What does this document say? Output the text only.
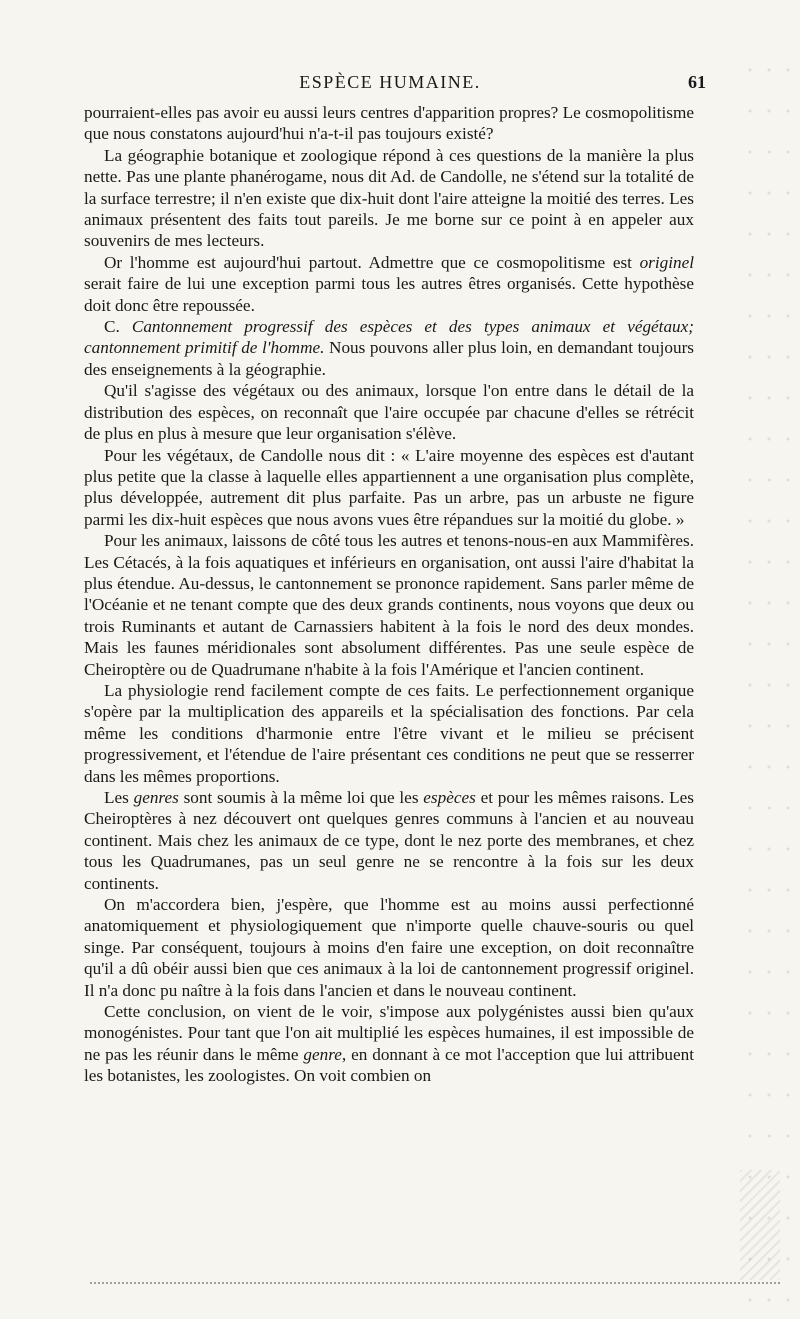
ESPÈCE HUMAINE.	61

pourraient-elles pas avoir eu aussi leurs centres d'apparition propres? Le cosmopolitisme que nous constatons aujourd'hui n'a-t-il pas toujours existé?

La géographie botanique et zoologique répond à ces questions de la manière la plus nette. Pas une plante phanérogame, nous dit Ad. de Candolle, ne s'étend sur la totalité de la surface terrestre; il n'en existe que dix-huit dont l'aire atteigne la moitié des terres. Les animaux présentent des faits tout pareils. Je me borne sur ce point à en appeler aux souvenirs de mes lecteurs.

Or l'homme est aujourd'hui partout. Admettre que ce cosmopolitisme est originel serait faire de lui une exception parmi tous les autres êtres organisés. Cette hypothèse doit donc être repoussée.

C. Cantonnement progressif des espèces et des types animaux et végétaux; cantonnement primitif de l'homme. Nous pouvons aller plus loin, en demandant toujours des enseignements à la géographie.

Qu'il s'agisse des végétaux ou des animaux, lorsque l'on entre dans le détail de la distribution des espèces, on reconnaît que l'aire occupée par chacune d'elles se rétrécit de plus en plus à mesure que leur organisation s'élève.

Pour les végétaux, de Candolle nous dit : « L'aire moyenne des espèces est d'autant plus petite que la classe à laquelle elles appartiennent a une organisation plus complète, plus développée, autrement dit plus parfaite. Pas un arbre, pas un arbuste ne figure parmi les dix-huit espèces que nous avons vues être répandues sur la moitié du globe. »

Pour les animaux, laissons de côté tous les autres et tenons-nous-en aux Mammifères. Les Cétacés, à la fois aquatiques et inférieurs en organisation, ont aussi l'aire d'habitat la plus étendue. Au-dessus, le cantonnement se prononce rapidement. Sans parler même de l'Océanie et ne tenant compte que des deux grands continents, nous voyons que deux ou trois Ruminants et autant de Carnassiers habitent à la fois le nord des deux mondes. Mais les faunes méridionales sont absolument différentes. Pas une seule espèce de Cheiroptère ou de Quadrumane n'habite à la fois l'Amérique et l'ancien continent.

La physiologie rend facilement compte de ces faits. Le perfectionnement organique s'opère par la multiplication des appareils et la spécialisation des fonctions. Par cela même les conditions d'harmonie entre l'être vivant et le milieu se précisent progressivement, et l'étendue de l'aire présentant ces conditions ne peut que se resserrer dans les mêmes proportions.

Les genres sont soumis à la même loi que les espèces et pour les mêmes raisons. Les Cheiroptères à nez découvert ont quelques genres communs à l'ancien et au nouveau continent. Mais chez les animaux de ce type, dont le nez porte des membranes, et chez tous les Quadrumanes, pas un seul genre ne se rencontre à la fois sur les deux continents.

On m'accordera bien, j'espère, que l'homme est au moins aussi perfectionné anatomiquement et physiologiquement que n'importe quelle chauve-souris ou quel singe. Par conséquent, toujours à moins d'en faire une exception, on doit reconnaître qu'il a dû obéir aussi bien que ces animaux à la loi de cantonnement progressif originel. Il n'a donc pu naître à la fois dans l'ancien et dans le nouveau continent.

Cette conclusion, on vient de le voir, s'impose aux polygénistes aussi bien qu'aux monogénistes. Pour tant que l'on ait multiplié les espèces humaines, il est impossible de ne pas les réunir dans le même genre, en donnant à ce mot l'acception que lui attribuent les botanistes, les zoologistes. On voit combien on
